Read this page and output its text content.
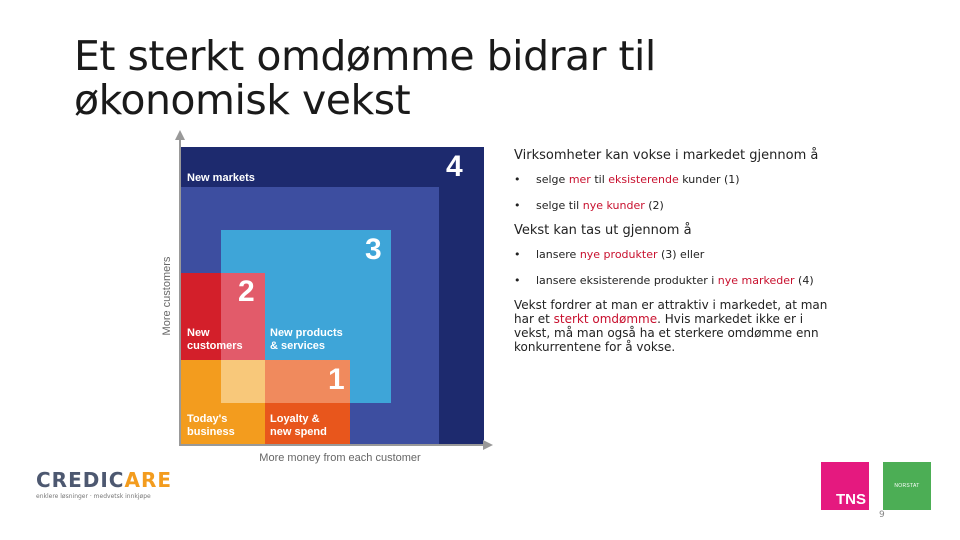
Et sterkt omdømme bidrar til
økonomisk vekst
4
3
2
1
New markets
New
customers
New products
& services
Today's
business
Loyalty &
new spend
More customers
More money from each customer

Virksomheter kan vokse i markedet gjennom å

• selge mer til eksisterende kunder (1)
• selge til nye kunder (2)

Vekst kan tas ut gjennom å

• lansere nye produkter (3) eller
• lansere eksisterende produkter i nye markeder (4)

Vekst fordrer at man er attraktiv i markedet, at man har et sterkt omdømme. Hvis markedet ikke er i vekst, må man også ha et sterkere omdømme enn konkurrentene for å vokse.

CREDICARE
enklere løsninger · medvetsk innkjøpe	TNS
NORSTAT
9
